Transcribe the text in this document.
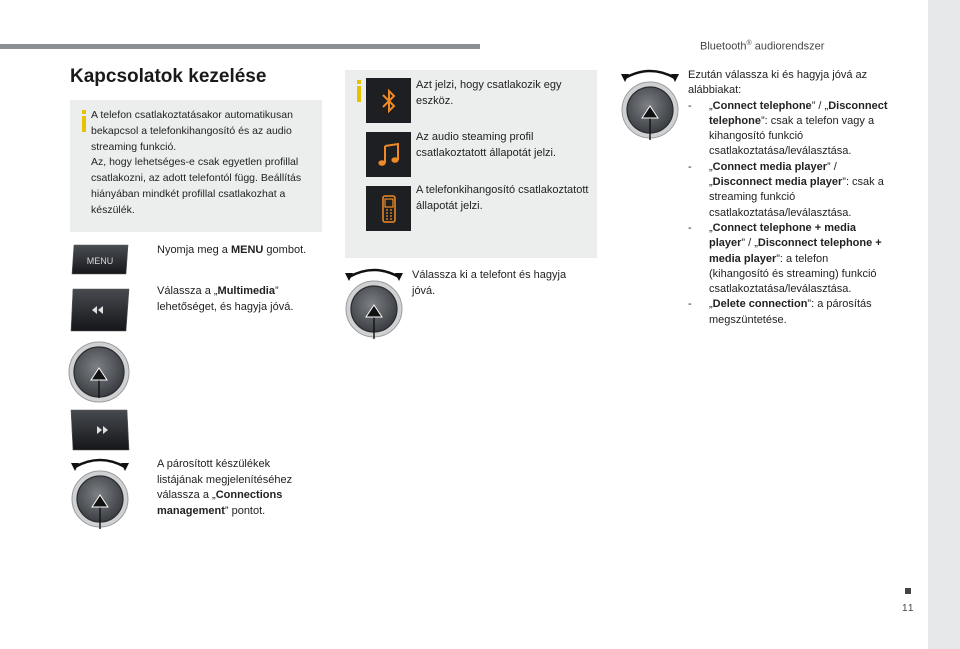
Bluetooth® audiorendszer
Kapcsolatok kezelése
A telefon csatlakoztatásakor automatikusan bekapcsol a telefonkihangosító és az audio streaming funkció.
Az, hogy lehetséges-e csak egyetlen profillal csatlakozni, az adott telefontól függ. Beállítás hiányában mindkét profillal csatlakozhat a készülék.
MENU
Nyomja meg a MENU gombot.
Válassza a „Multimedia” lehetőséget, és hagyja jóvá.
A párosított készülékek listájának megjelenítéséhez válassza a „Connections management” pontot.
Azt jelzi, hogy csatlakozik egy eszköz.
Az audio steaming profil csatlakoztatott állapotát jelzi.
A telefonkihangosító csatlakoztatott állapotát jelzi.
Válassza ki a telefont és hagyja jóvá.
Ezután válassza ki és hagyja jóvá az alábbiakat:
- „Connect telephone” / „Disconnect telephone”: csak a telefon vagy a kihangosító funkció csatlakoztatása/leválasztása.
- „Connect media player” / „Disconnect media player”: csak a streaming funkció csatlakoztatása/leválasztása.
- „Connect telephone + media player” / „Disconnect telephone + media player”: a telefon (kihangosító és streaming) funkció csatlakoztatása/leválasztása.
- „Delete connection”: a párosítás megszüntetése.
11
